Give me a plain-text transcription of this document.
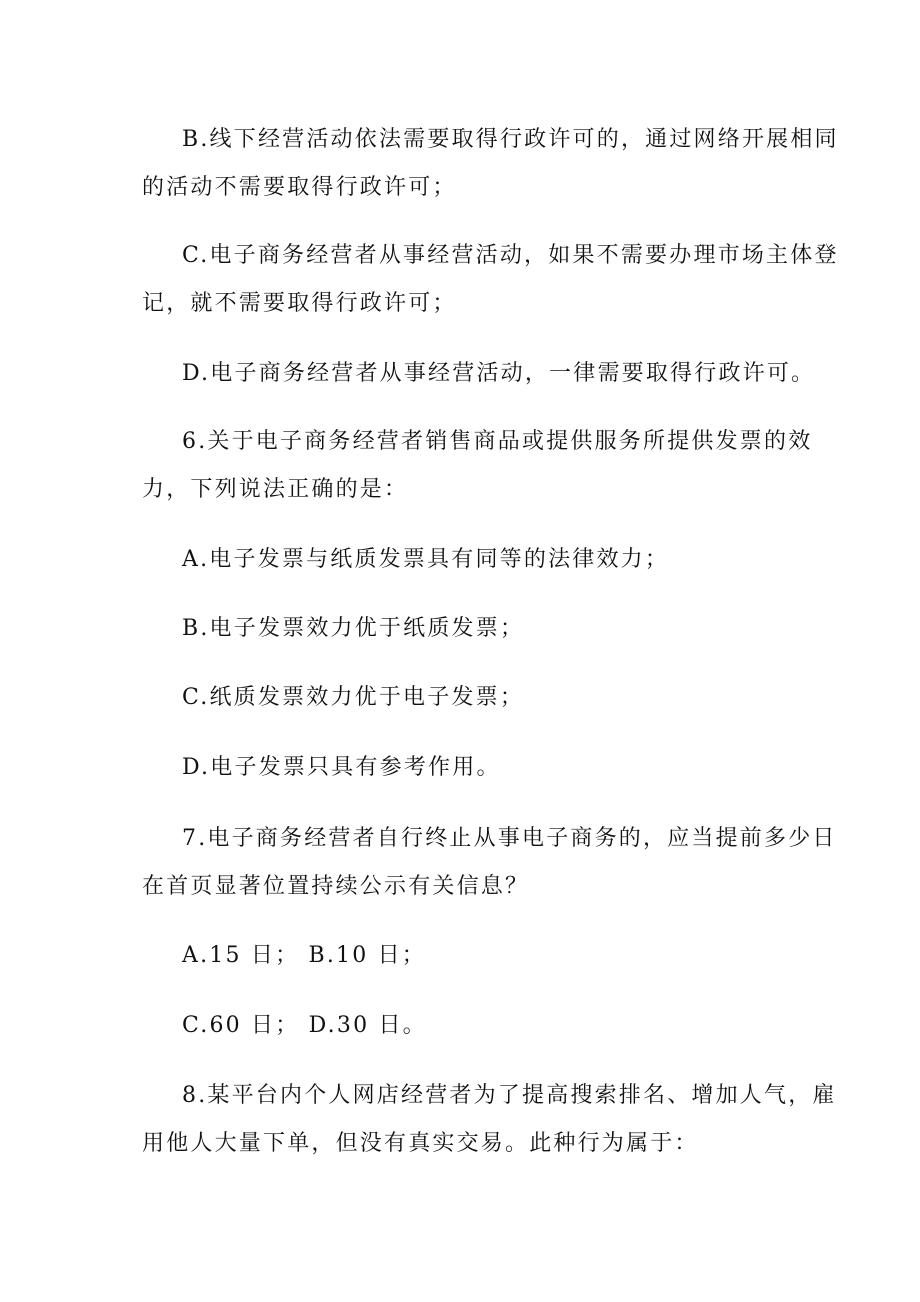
B.线下经营活动依法需要取得行政许可的，通过网络开展相同
的活动不需要取得行政许可；
C.电子商务经营者从事经营活动，如果不需要办理市场主体登
记，就不需要取得行政许可；
D.电子商务经营者从事经营活动，一律需要取得行政许可。
6.关于电子商务经营者销售商品或提供服务所提供发票的效
力，下列说法正确的是：
A.电子发票与纸质发票具有同等的法律效力；
B.电子发票效力优于纸质发票；
C.纸质发票效力优于电子发票；
D.电子发票只具有参考作用。
7.电子商务经营者自行终止从事电子商务的，应当提前多少日
在首页显著位置持续公示有关信息？
A.15 日； B.10 日；
C.60 日； D.30 日。
8.某平台内个人网店经营者为了提高搜索排名、增加人气，雇
用他人大量下单，但没有真实交易。此种行为属于：
